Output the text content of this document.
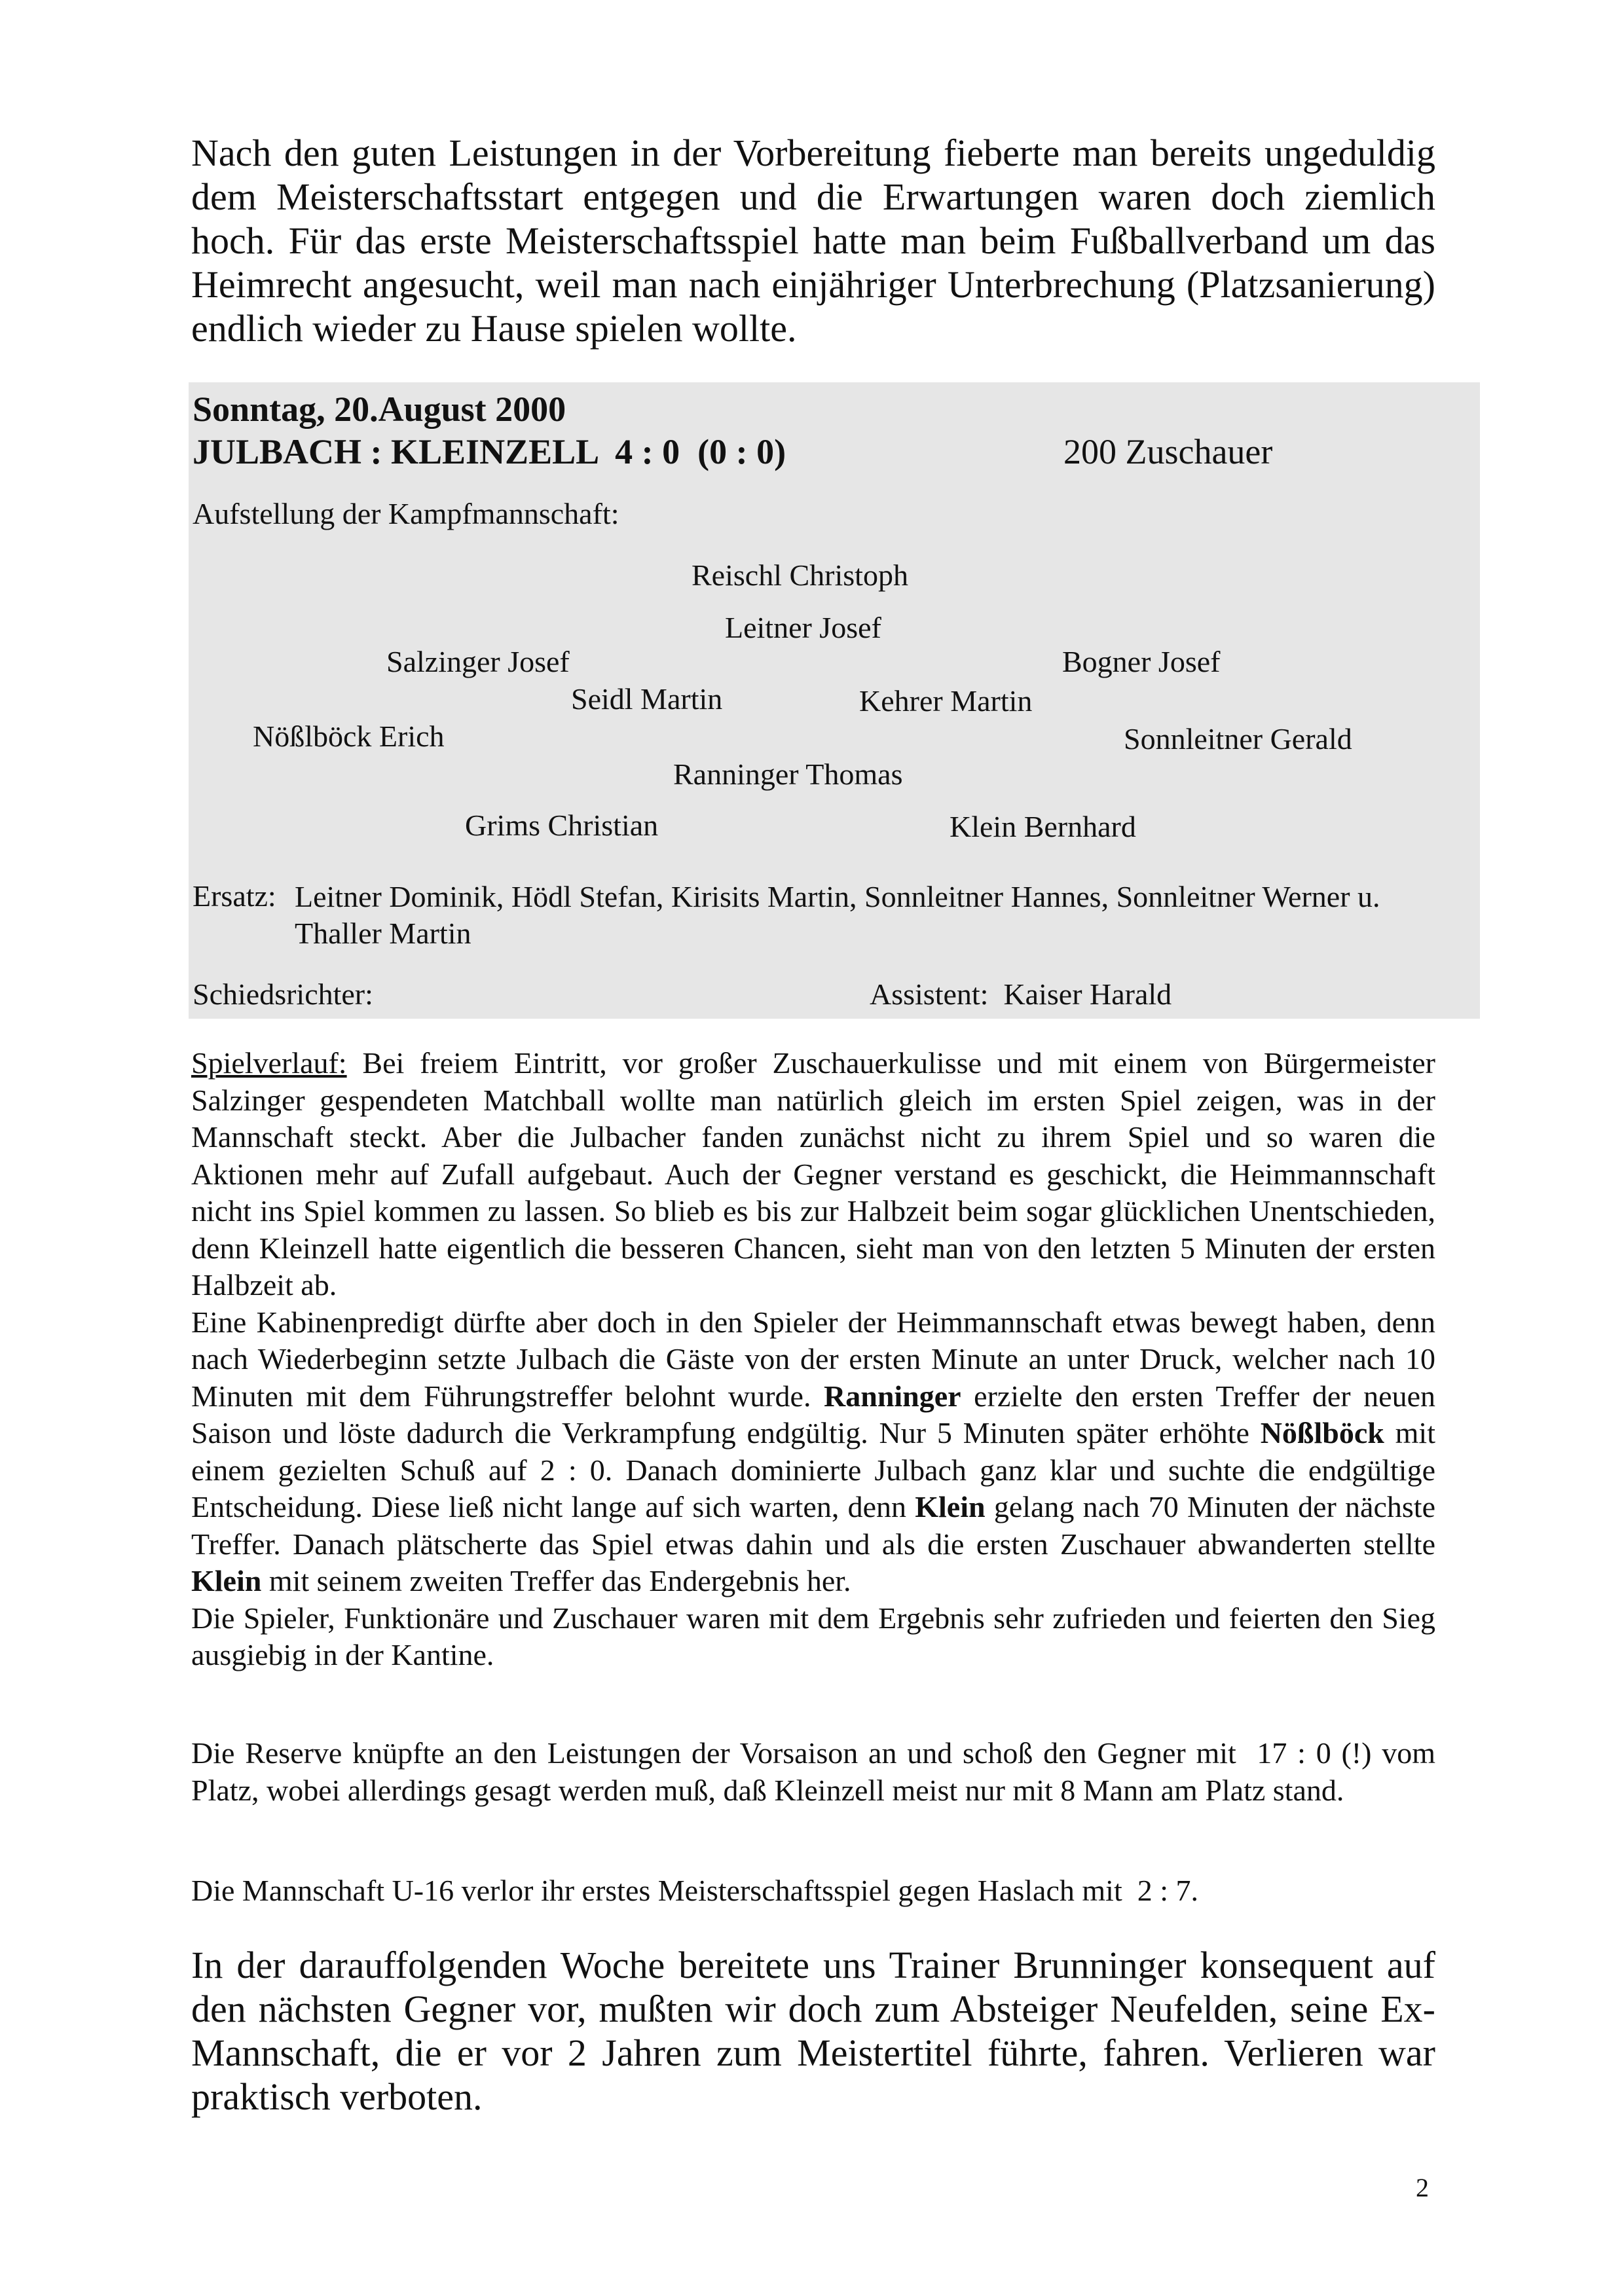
Nach den guten Leistungen in der Vorbereitung fieberte man bereits ungeduldig dem Meisterschaftsstart entgegen und die Erwartungen waren doch ziemlich hoch. Für das erste Meisterschaftsspiel hatte man beim Fußballverband um das Heimrecht angesucht, weil man nach einjähriger Unterbrechung (Platzsanierung) endlich wieder zu Hause spielen wollte.

Sonntag, 20.August 2000
JULBACH : KLEINZELL  4 : 0  (0 : 0)	200 Zuschauer
Aufstellung der Kampfmannschaft:
Reischl Christoph
Leitner Josef
Salzinger Josef	Bogner Josef
Seidl Martin	Kehrer Martin
Nößlböck Erich	Sonnleitner Gerald
Ranninger Thomas
Grims Christian	Klein Bernhard
Ersatz: Leitner Dominik, Hödl Stefan, Kirisits Martin, Sonnleitner Hannes, Sonnleitner Werner u. Thaller Martin
Schiedsrichter:	Assistent:  Kaiser Harald
Spielverlauf: Bei freiem Eintritt, vor großer Zuschauerkulisse und mit einem von Bürgermeister Salzinger gespendeten Matchball wollte man natürlich gleich im ersten Spiel zeigen, was in der Mannschaft steckt. Aber die Julbacher fanden zunächst nicht zu ihrem Spiel und so waren die Aktionen mehr auf Zufall aufgebaut. Auch der Gegner verstand es geschickt, die Heimmannschaft nicht ins Spiel kommen zu lassen. So blieb es bis zur Halbzeit beim sogar glücklichen Unentschieden, denn Kleinzell hatte eigentlich die besseren Chancen, sieht man von den letzten 5 Minuten der ersten Halbzeit ab.
Eine Kabinenpredigt dürfte aber doch in den Spieler der Heimmannschaft etwas bewegt haben, denn nach Wiederbeginn setzte Julbach die Gäste von der ersten Minute an unter Druck, welcher nach 10 Minuten mit dem Führungstreffer belohnt wurde. Ranninger erzielte den ersten Treffer der neuen Saison und löste dadurch die Verkrampfung endgültig. Nur 5 Minuten später erhöhte Nößlböck mit einem gezielten Schuß auf 2 : 0. Danach dominierte Julbach ganz klar und suchte die endgültige Entscheidung. Diese ließ nicht lange auf sich warten, denn Klein gelang nach 70 Minuten der nächste Treffer. Danach plätscherte das Spiel etwas dahin und als die ersten Zuschauer abwanderten stellte Klein mit seinem zweiten Treffer das Endergebnis her.
Die Spieler, Funktionäre und Zuschauer waren mit dem Ergebnis sehr zufrieden und feierten den Sieg ausgiebig in der Kantine.

Die Reserve knüpfte an den Leistungen der Vorsaison an und schoß den Gegner mit  17 : 0 (!) vom Platz, wobei allerdings gesagt werden muß, daß Kleinzell meist nur mit 8 Mann am Platz stand.

Die Mannschaft U-16 verlor ihr erstes Meisterschaftsspiel gegen Haslach mit  2 : 7.

In der darauffolgenden Woche bereitete uns Trainer Brunninger konsequent auf den nächsten Gegner vor, mußten wir doch zum Absteiger Neufelden, seine Ex-Mannschaft, die er vor 2 Jahren zum Meistertitel führte, fahren. Verlieren war praktisch verboten.

2
